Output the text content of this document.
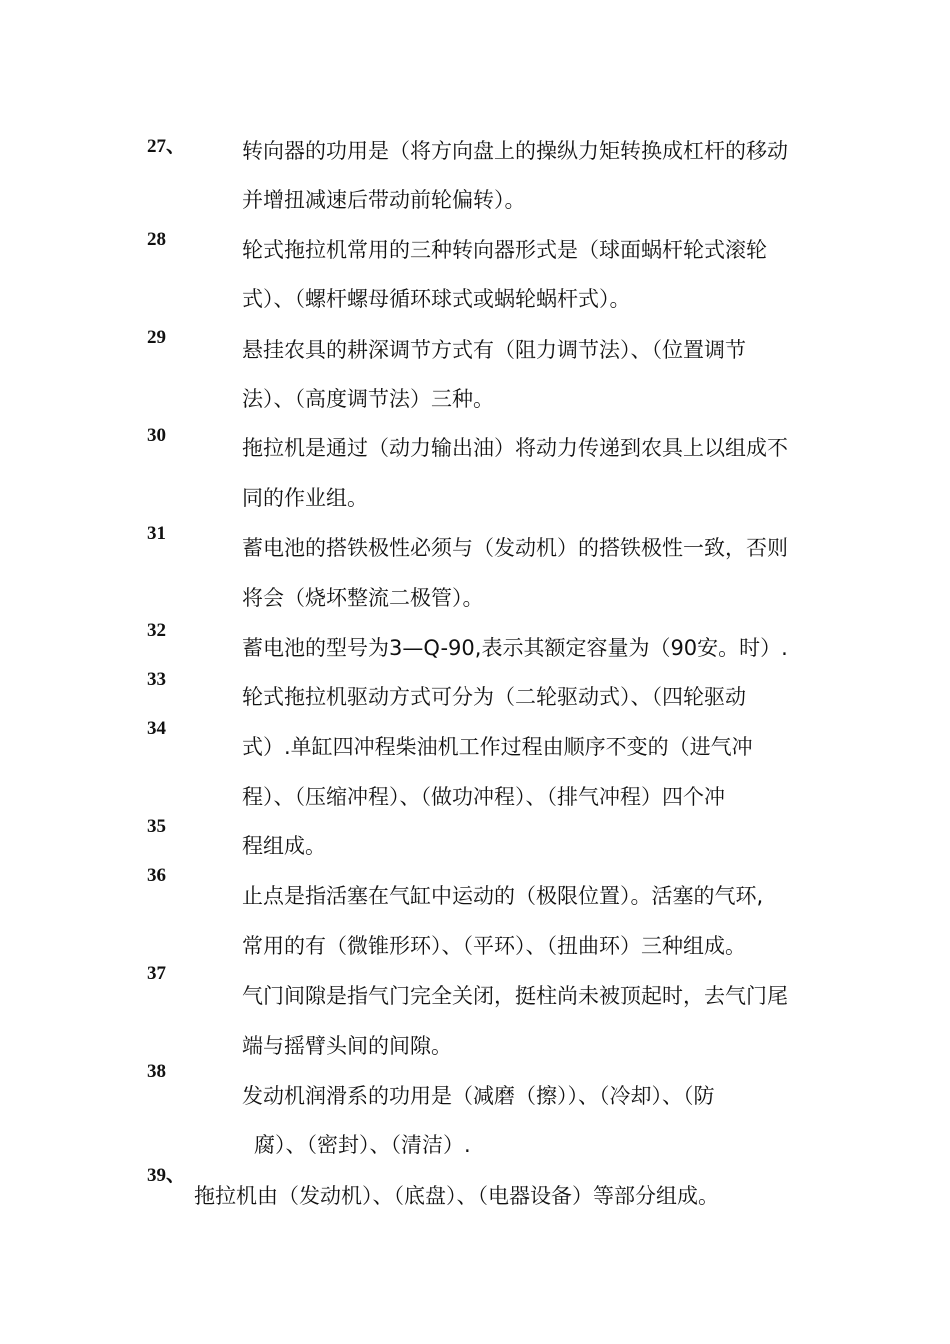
27、
28
29
30
31
32
33
34
35
36
37
38
39、
转向器的功用是（将方向盘上的操纵力矩转换成杠杆的移动
并增扭减速后带动前轮偏转）。
轮式拖拉机常用的三种转向器形式是（球面蜗杆轮式滚轮
式）、（螺杆螺母循环球式或蜗轮蜗杆式）。
悬挂农具的耕深调节方式有（阻力调节法）、（位置调节
法）、（高度调节法）三种。
拖拉机是通过（动力输出油）将动力传递到农具上以组成不
同的作业组。
蓄电池的搭铁极性必须与（发动机）的搭铁极性一致，否则
将会（烧坏整流二极管）。
蓄电池的型号为3—Q-90,表示其额定容量为（90安。时）.
轮式拖拉机驱动方式可分为（二轮驱动式）、（四轮驱动
式）.单缸四冲程柴油机工作过程由顺序不变的（进气冲
程）、（压缩冲程）、（做功冲程）、（排气冲程）四个冲
程组成。
止点是指活塞在气缸中运动的（极限位置）。活塞的气环,
常用的有（微锥形环）、（平环）、（扭曲环）三种组成。
气门间隙是指气门完全关闭，挺柱尚未被顶起时，去气门尾
端与摇臂头间的间隙。
发动机润滑系的功用是（减磨（擦））、（冷却）、（防
腐）、（密封）、（清洁）.
拖拉机由（发动机）、（底盘）、（电器设备）等部分组成。
